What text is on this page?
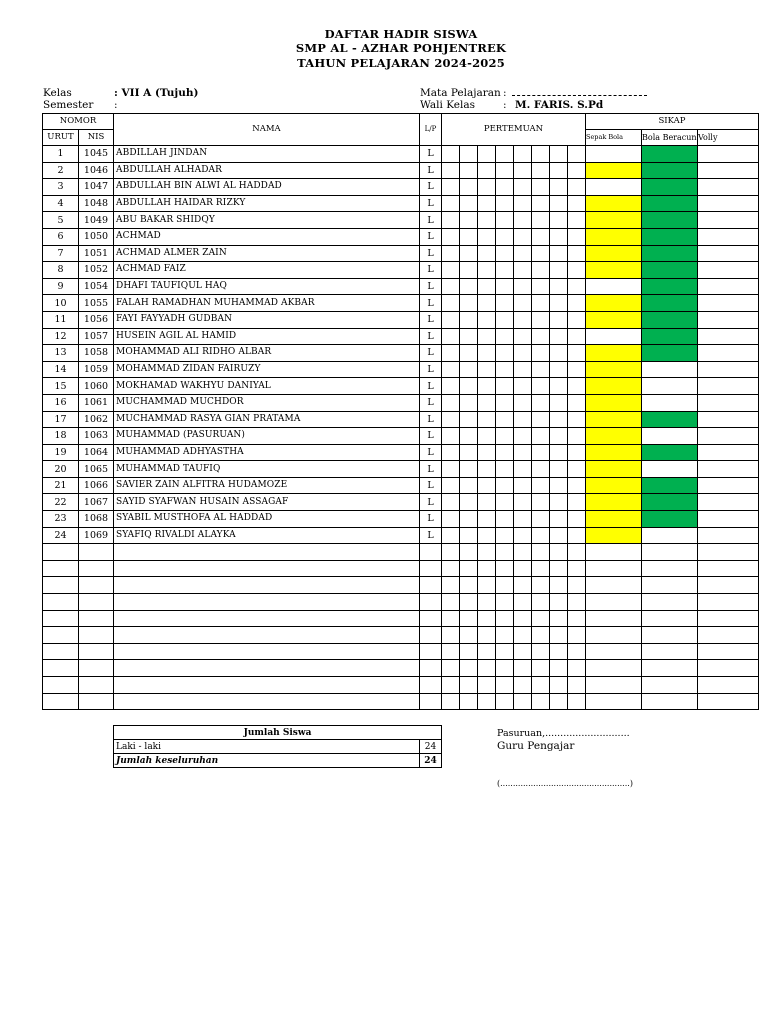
DAFTAR HADIR SISWA
SMP AL - AZHAR POHJENTREK
TAHUN PELAJARAN 2024-2025
Kelas	: VII A (Tujuh)
Semester :
Mata Pelajaran :
Wali Kelas	: M. FARIS. S.Pd
NOMOR		NAMA	L/P	PERTEMUAN								SIKAP		
URUT	NIS											Sepak Bola	Bola Beracun	Volly
1	1045	ABDILLAH JINDAN	L											
2	1046	ABDULLAH ALHADAR	L											
3	1047	ABDULLAH BIN ALWI AL HADDAD	L											
4	1048	ABDULLAH HAIDAR RIZKY	L											
5	1049	ABU BAKAR SHIDQY	L											
6	1050	ACHMAD	L											
7	1051	ACHMAD ALMER ZAIN	L											
8	1052	ACHMAD FAIZ	L											
9	1054	DHAFI TAUFIQUL HAQ	L											
10	1055	FALAH RAMADHAN MUHAMMAD AKBAR	L											
11	1056	FAYI FAYYADH GUDBAN	L											
12	1057	HUSEIN AGIL AL HAMID	L											
13	1058	MOHAMMAD ALI RIDHO ALBAR	L											
14	1059	MOHAMMAD ZIDAN FAIRUZY	L											
15	1060	MOKHAMAD WAKHYU DANIYAL	L											
16	1061	MUCHAMMAD MUCHDOR	L											
17	1062	MUCHAMMAD RASYA GIAN PRATAMA	L											
18	1063	MUHAMMAD (PASURUAN)	L											
19	1064	MUHAMMAD ADHYASTHA	L											
20	1065	MUHAMMAD TAUFIQ	L											
21	1066	SAVIER ZAIN ALFITRA HUDAMOZE	L											
22	1067	SAYID SYAFWAN HUSAIN ASSAGAF	L											
23	1068	SYABIL MUSTHOFA AL HADDAD	L											
24	1069	SYAFIQ RIVALDI ALAYKA	L											

Jumlah Siswa	
Laki - laki	24
Jumlah keseluruhan	24
Pasuruan,............................
Guru Pengajar
(...................................................)
